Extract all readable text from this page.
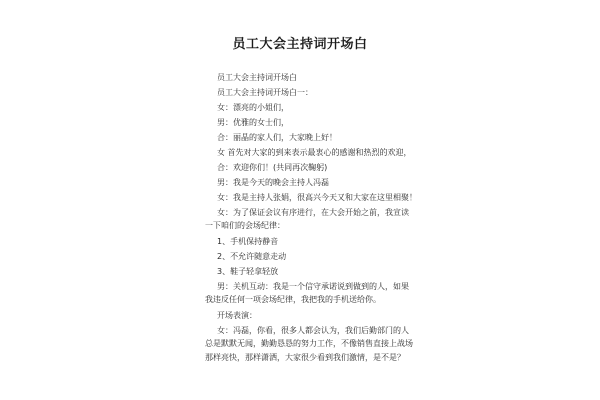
员工大会主持词开场白
员工大会主持词开场白
员工大会主持词开场白一：
女：漂亮的小姐们，
男：优雅的女士们，
合：丽晶的家人们，大家晚上好！
女 首先对大家的到来表示最衷心的感谢和热烈的欢迎，
合：欢迎你们！(共同再次鞠躬)
男：我是今天的晚会主持人冯磊
女：我是主持人张娟，很高兴今天又和大家在这里相聚！
女：为了保证会议有序进行，在大会开始之前，我宣读
一下咱们的会场纪律：
1、手机保持静音
2、不允许随意走动
3、鞋子轻拿轻放
男：关机互动：我是一个信守承诺说到做到的人，如果
我违反任何一项会场纪律，我把我的手机送给你。
开场表演：
女：冯磊，你看，很多人都会认为，我们后勤部门的人
总是默默无闻，勤勤恳恳的努力工作，不像销售直接上战场
那样亮快，那样潇洒，大家很少看到我们激情，是不是？
